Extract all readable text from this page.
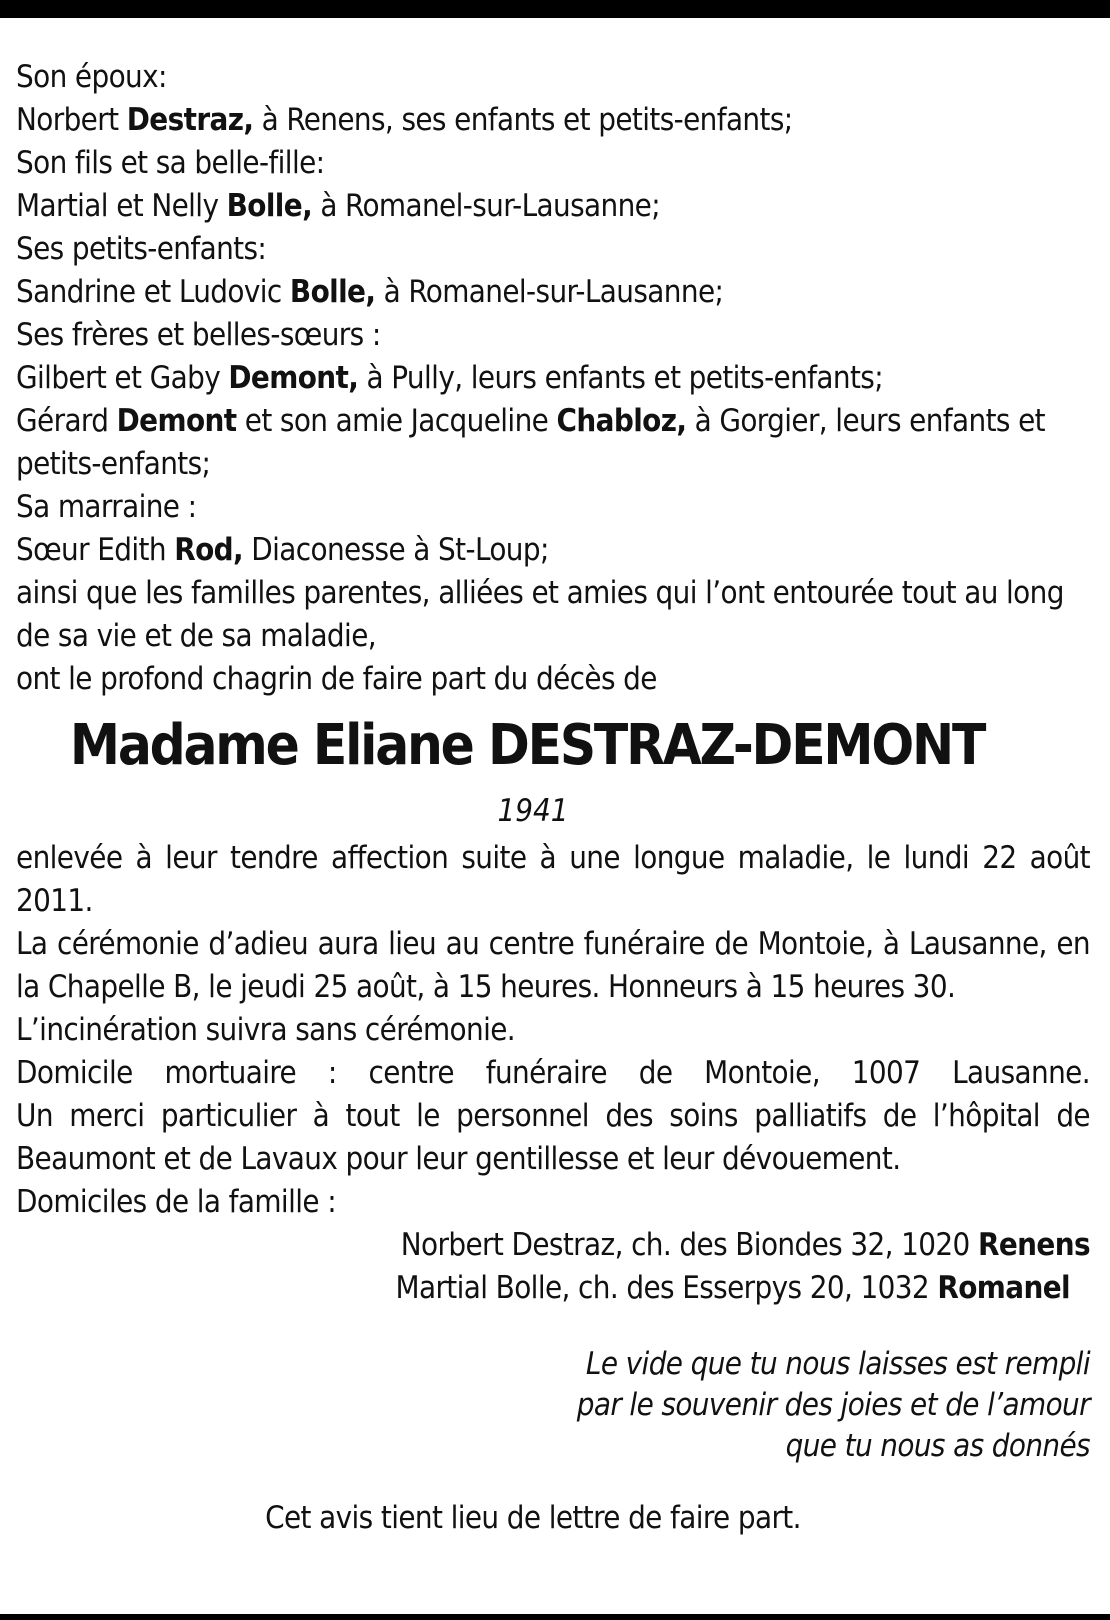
Son époux:
Norbert Destraz, à Renens, ses enfants et petits-enfants;
Son fils et sa belle-fille:
Martial et Nelly Bolle, à Romanel-sur-Lausanne;
Ses petits-enfants:
Sandrine et Ludovic Bolle, à Romanel-sur-Lausanne;
Ses frères et belles-sœurs :
Gilbert et Gaby Demont, à Pully, leurs enfants et petits-enfants;
Gérard Demont et son amie Jacqueline Chabloz, à Gorgier, leurs enfants et petits-enfants;
Sa marraine :
Sœur Edith Rod, Diaconesse à St-Loup;
ainsi que les familles parentes, alliées et amies qui l’ont entourée tout au long de sa vie et de sa maladie,
ont le profond chagrin de faire part du décès de
Madame Eliane DESTRAZ-DEMONT
1941
enlevée à leur tendre affection suite à une longue maladie, le lundi 22 août 2011.
La cérémonie d’adieu aura lieu au centre funéraire de Montoie, à Lausanne, en la Chapelle B, le jeudi 25 août, à 15 heures. Honneurs à 15 heures 30.
L’incinération suivra sans cérémonie.
Domicile mortuaire : centre funéraire de Montoie, 1007 Lausanne.
Un merci particulier à tout le personnel des soins palliatifs de l’hôpital de Beaumont et de Lavaux pour leur gentillesse et leur dévouement.
Domiciles de la famille :
Norbert Destraz, ch. des Biondes 32, 1020 Renens
Martial Bolle, ch. des Esserpys 20, 1032 Romanel
Le vide que tu nous laisses est rempli
par le souvenir des joies et de l’amour
que tu nous as donnés
Cet avis tient lieu de lettre de faire part.
